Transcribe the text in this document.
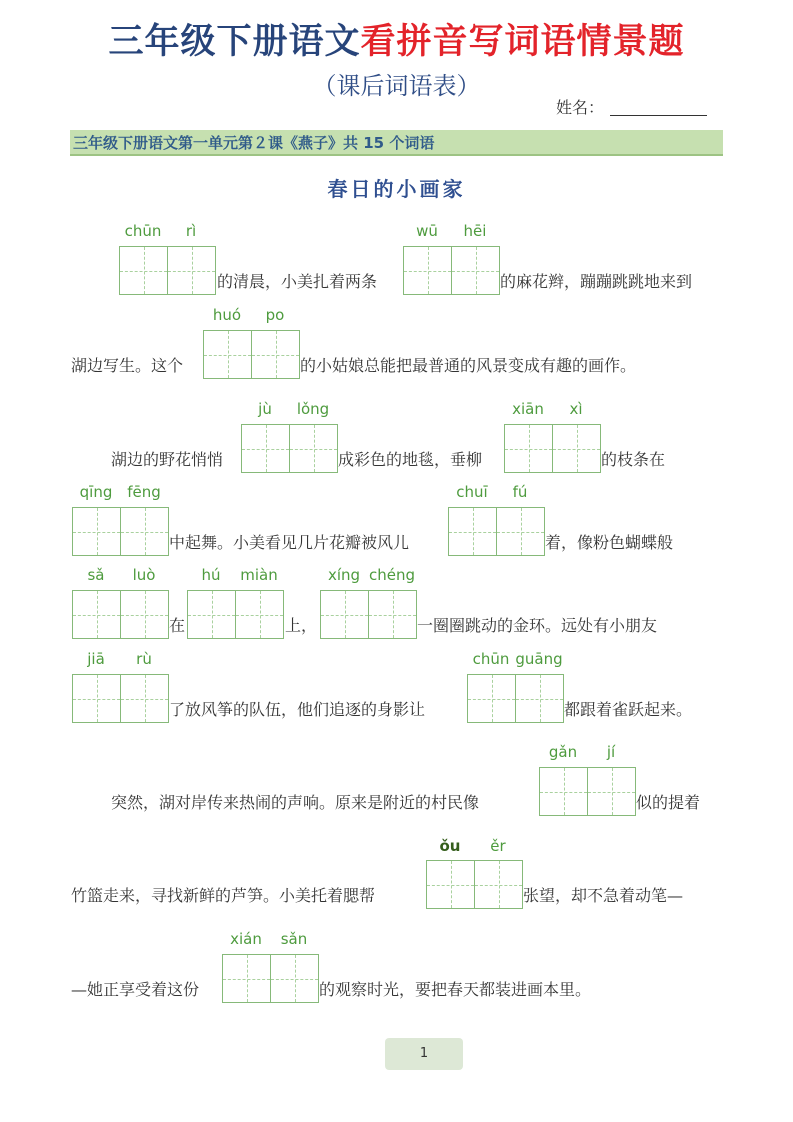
三年级下册语文看拼音写词语情景题
（课后词语表）
姓名：
三年级下册语文第一单元第２课《燕子》共 15 个词语
春日的小画家
chūn	rì
的清晨，小美扎着两条
wū	hēi
的麻花辫，蹦蹦跳跳地来到
湖边写生。这个
huó	po
的小姑娘总能把最普通的风景变成有趣的画作。
湖边的野花悄悄
jù	lǒng
成彩色的地毯，垂柳
xiān	xì
的枝条在
qīng fēng
中起舞。小美看见几片花瓣被风儿
chuī	fú
着，像粉色蝴蝶般
sǎ	luò
在
hú	miàn
上，
xíng chéng
一圈圈跳动的金环。远处有小朋友
jiā	rù
了放风筝的队伍，他们追逐的身影让
chūn guāng
都跟着雀跃起来。
突然，湖对岸传来热闹的声响。原来是附近的村民像
gǎn	jí
似的提着
竹篮走来，寻找新鲜的芦笋。小美托着腮帮
ǒu	ěr
张望，却不急着动笔—
—她正享受着这份
xián	sǎn
的观察时光，要把春天都装进画本里。
1
